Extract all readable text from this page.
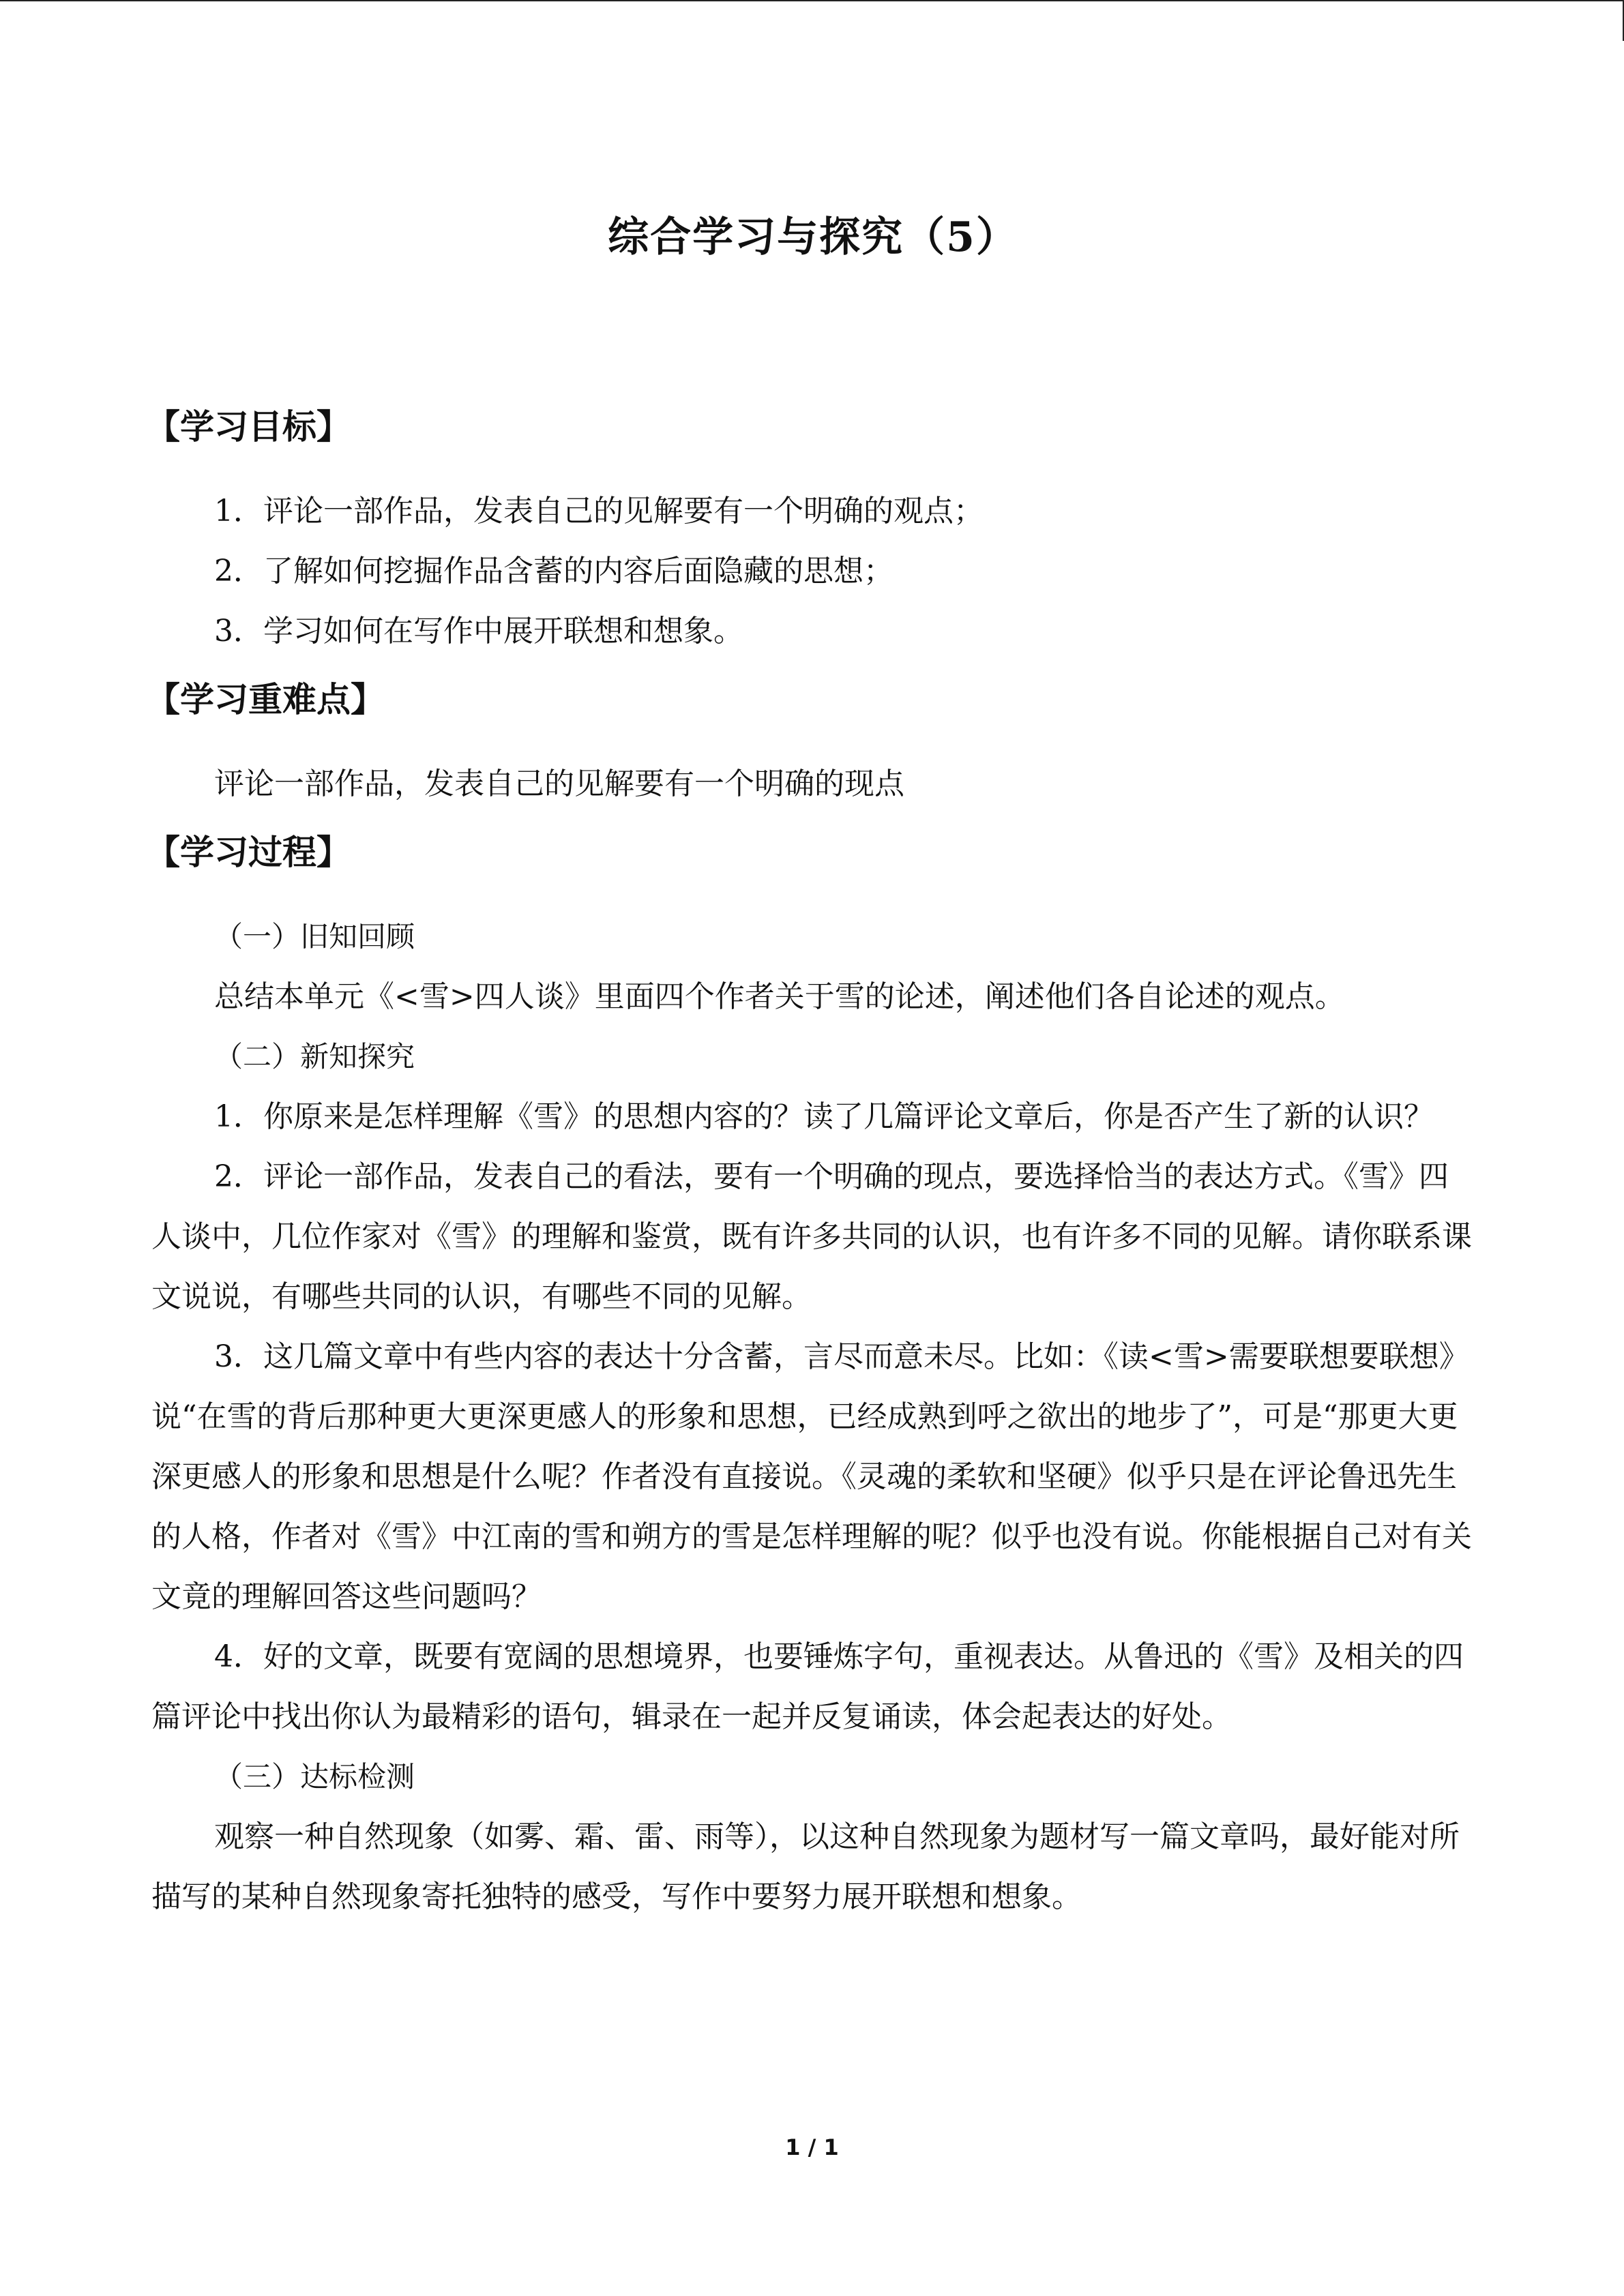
综合学习与探究（5）
【学习目标】

1．评论一部作品，发表自己的见解要有一个明确的观点；

2．了解如何挖掘作品含蓄的内容后面隐藏的思想；

3．学习如何在写作中展开联想和想象。

【学习重难点】

评论一部作品，发表自己的见解要有一个明确的现点

【学习过程】

（一）旧知回顾

总结本单元《<雪>四人谈》里面四个作者关于雪的论述，阐述他们各自论述的观点。

（二）新知探究

1．你原来是怎样理解《雪》的思想内容的？读了几篇评论文章后，你是否产生了新的认识？

2．评论一部作品，发表自己的看法，要有一个明确的现点，要选择恰当的表达方式。《雪》四人谈中，几位作家对《雪》的理解和鉴赏，既有许多共同的认识，也有许多不同的见解。请你联系课文说说，有哪些共同的认识，有哪些不同的见解。

3．这几篇文章中有些内容的表达十分含蓄，言尽而意未尽。比如：《读<雪>需要联想要联想》说“在雪的背后那种更大更深更感人的形象和思想，已经成熟到呼之欲出的地步了”，可是“那更大更深更感人的形象和思想是什么呢？作者没有直接说。《灵魂的柔软和坚硬》似乎只是在评论鲁迅先生的人格，作者对《雪》中江南的雪和朔方的雪是怎样理解的呢？似乎也没有说。你能根据自己对有关文竟的理解回答这些问题吗？

4．好的文章，既要有宽阔的思想境界，也要锤炼字句，重视表达。从鲁迅的《雪》及相关的四篇评论中找出你认为最精彩的语句，辑录在一起并反复诵读，体会起表达的好处。

（三）达标检测

观察一种自然现象（如雾、霜、雷、雨等），以这种自然现象为题材写一篇文章吗，最好能对所描写的某种自然现象寄托独特的感受，写作中要努力展开联想和想象。

1 / 1
